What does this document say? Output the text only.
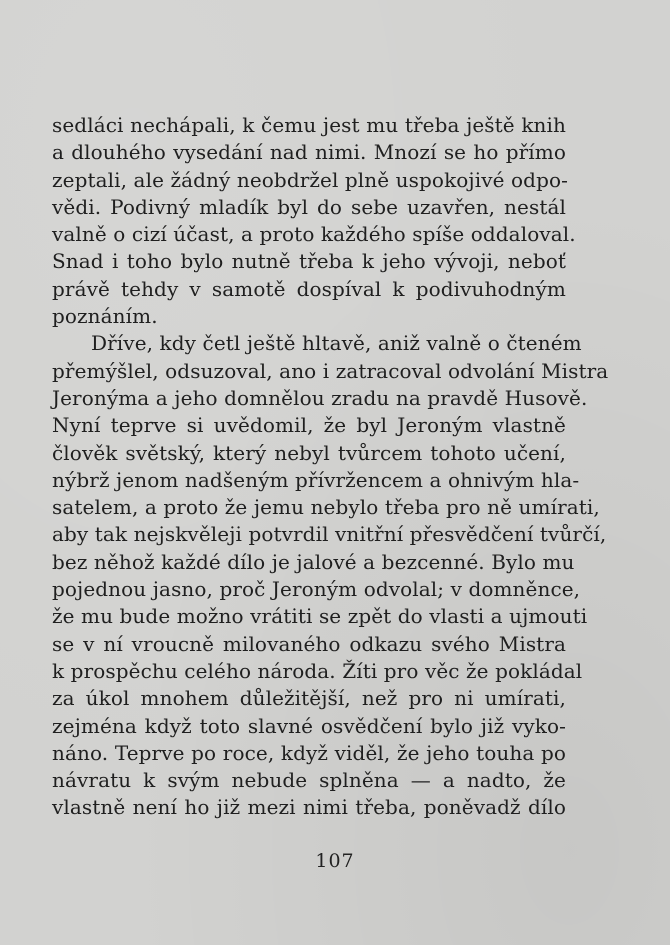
sedláci nechápali, k čemu jest mu třeba ještě knih
a dlouhého vysedání nad nimi. Mnozí se ho přímo
zeptali, ale žádný neobdržel plně uspokojivé odpo-
vědi. Podivný mladík byl do sebe uzavřen, nestál
valně o cizí účast, a proto každého spíše oddaloval.
Snad i toho bylo nutně třeba k jeho vývoji, neboť
právě tehdy v samotě dospíval k podivuhodným
poznáním.
Dříve, kdy četl ještě hltavě, aniž valně o čteném
přemýšlel, odsuzoval, ano i zatracoval odvolání Mistra
Jeronýma a jeho domnělou zradu na pravdě Husově.
Nyní teprve si uvědomil, že byl Jeroným vlastně
člověk světský, který nebyl tvůrcem tohoto učení,
nýbrž jenom nadšeným přívržencem a ohnivým hla-
satelem, a proto že jemu nebylo třeba pro ně umírati,
aby tak nejskvěleji potvrdil vnitřní přesvědčení tvůrčí,
bez něhož každé dílo je jalové a bezcenné. Bylo mu
pojednou jasno, proč Jeroným odvolal; v domněnce,
že mu bude možno vrátiti se zpět do vlasti a ujmouti
se v ní vroucně milovaného odkazu svého Mistra
k prospěchu celého národa. Žíti pro věc že pokládal
za úkol mnohem důležitější, než pro ni umírati,
zejména když toto slavné osvědčení bylo již vyko-
náno. Teprve po roce, když viděl, že jeho touha po
návratu k svým nebude splněna — a nadto, že
vlastně není ho již mezi nimi třeba, poněvadž dílo
107
